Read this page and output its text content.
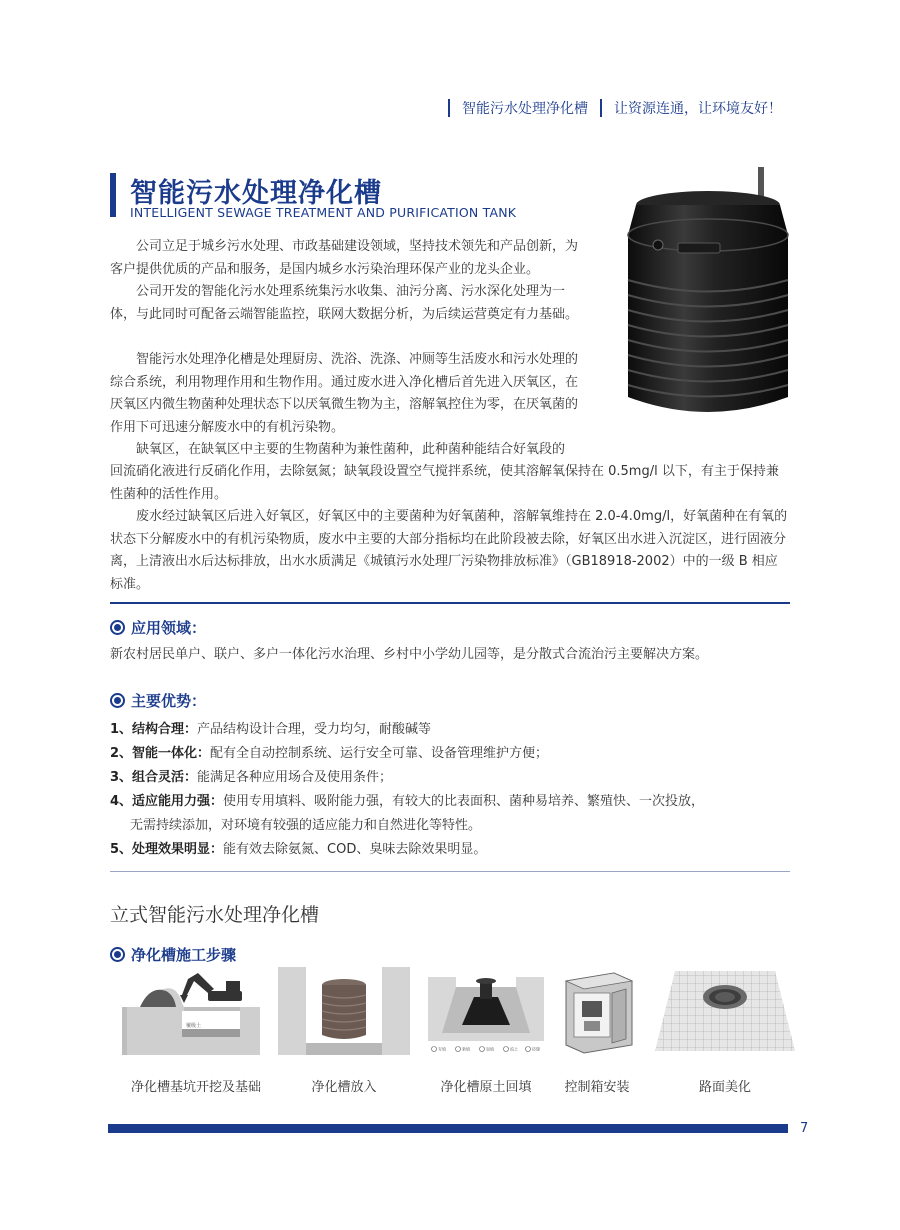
智能污水处理净化槽 让资源连通，让环境友好！
智能污水处理净化槽
INTELLIGENT SEWAGE TREATMENT AND PURIFICATION TANK

公司立足于城乡污水处理、市政基础建设领域，坚持技术领先和产品创新，为客户提供优质的产品和服务，是国内城乡水污染治理环保产业的龙头企业。

公司开发的智能化污水处理系统集污水收集、油污分离、污水深化处理为一体，与此同时可配备云端智能监控，联网大数据分析，为后续运营奠定有力基础。

智能污水处理净化槽是处理厨房、洗浴、洗涤、冲厕等生活废水和污水处理的综合系统，利用物理作用和生物作用。通过废水进入净化槽后首先进入厌氧区，在厌氧区内微生物菌种处理状态下以厌氧微生物为主，溶解氧控住为零，在厌氧菌的作用下可迅速分解废水中的有机污染物。

缺氧区，在缺氧区中主要的生物菌种为兼性菌种，此种菌种能结合好氧段的

回流硝化液进行反硝化作用，去除氨氮；缺氧段设置空气搅拌系统，使其溶解氧保持在 0.5mg/l 以下，有主于保持兼性菌种的活性作用。

废水经过缺氧区后进入好氧区，好氧区中的主要菌种为好氧菌种，溶解氧维持在 2.0-4.0mg/l，好氧菌种在有氧的状态下分解废水中的有机污染物质，废水中主要的大部分指标均在此阶段被去除，好氧区出水进入沉淀区，进行固液分离，上清液出水后达标排放，出水水质满足《城镇污水处理厂污染物排放标准》（GB18918-2002）中的一级 B 相应标准。

应用领域：
新农村居民单户、联户、多户一体化污水治理、乡村中小学幼儿园等，是分散式合流治污主要解决方案。
主要优势：
1、结构合理：产品结构设计合理，受力均匀，耐酸碱等
2、智能一体化：配有全自动控制系统、运行安全可靠、设备管理维护方便；
3、组合灵活：能满足各种应用场合及使用条件；
4、适应能用力强：使用专用填料、吸附能力强，有较大的比表面积、菌种易培养、繁殖快、一次投放，
无需持续添加，对环境有较强的适应能力和自然进化等特性。
5、处理效果明显：能有效去除氨氮、COD、臭味去除效果明显。
立式智能污水处理净化槽
净化槽施工步骤
覆级土
净化槽基坑开挖及基础	净化槽放入
夯填	新填	加填	流土	砖缝
净化槽原土回填	控制箱安装	路面美化
7
